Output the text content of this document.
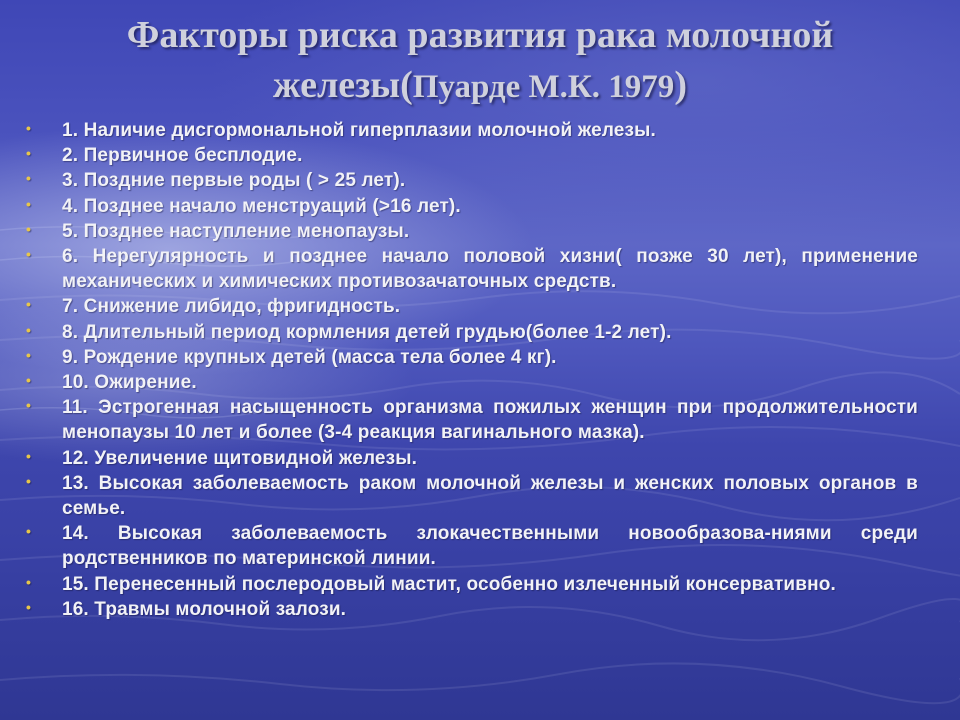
Факторы риска развития рака молочной железы(Пуарде М.К. 1979)
• 1. Наличие дисгормональной гиперплазии молочной железы.
• 2. Первичное бесплодие.
• 3. Поздние первые роды ( > 25 лет).
• 4. Позднее начало менструаций (>16 лет).
• 5. Позднее наступление менопаузы.
• 6. Нерегулярность и позднее начало половой хизни( позже 30 лет), применение механических и химических противозачаточных средств.
• 7. Снижение либидо, фригидность.
• 8. Длительный период кормления детей грудью(более 1-2 лет).
• 9. Рождение крупных детей (масса тела более 4 кг).
• 10. Ожирение.
• 11. Эстрогенная насыщенность организма пожилых женщин при продолжительности менопаузы 10 лет и более (3-4 реакция вагинального мазка).
• 12. Увеличение щитовидной железы.
• 13. Высокая заболеваемость раком молочной железы и женских половых органов в семье.
• 14. Высокая заболеваемость злокачественными новообразова-ниями среди родственников по материнской линии.
• 15. Перенесенный послеродовый мастит, особенно излеченный консервативно.
• 16. Травмы молочной залози.
